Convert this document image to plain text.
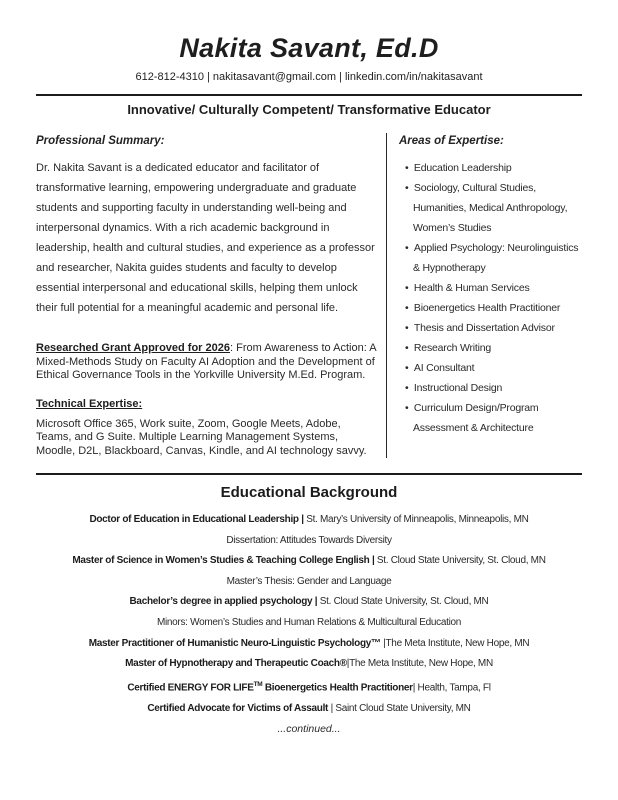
Nakita Savant, Ed.D
612-812-4310 | nakitasavant@gmail.com | linkedin.com/in/nakitasavant
Innovative/ Culturally Competent/ Transformative Educator
Professional Summary:

Dr. Nakita Savant is a dedicated educator and facilitator of transformative learning, empowering undergraduate and graduate students and supporting faculty in understanding well-being and interpersonal dynamics. With a rich academic background in leadership, health and cultural studies, and experience as a professor and researcher, Nakita guides students and faculty to develop essential interpersonal and educational skills, helping them unlock their full potential for a meaningful academic and personal life.

Researched Grant Approved for 2026: From Awareness to Action: A Mixed-Methods Study on Faculty AI Adoption and the Development of Ethical Governance Tools in the Yorkville University M.Ed. Program.

Technical Expertise:

Microsoft Office 365, Work suite, Zoom, Google Meets, Adobe, Teams, and G Suite. Multiple Learning Management Systems, Moodle, D2L, Blackboard, Canvas, Kindle, and AI technology savvy.

Areas of Expertise:
•  Education Leadership
•  Sociology, Cultural Studies, Humanities, Medical Anthropology, Women’s Studies
•  Applied Psychology: Neurolinguistics & Hypnotherapy
•  Health & Human Services
•  Bioenergetics Health Practitioner
•  Thesis and Dissertation Advisor
•  Research Writing
•  AI Consultant
•  Instructional Design
•  Curriculum Design/Program Assessment & Architecture
Educational Background
Doctor of Education in Educational Leadership | St. Mary’s University of Minneapolis, Minneapolis, MN
Dissertation: Attitudes Towards Diversity
Master of Science in Women’s Studies & Teaching College English | St. Cloud State University, St. Cloud, MN
Master’s Thesis: Gender and Language
Bachelor’s degree in applied psychology | St. Cloud State University, St. Cloud, MN
Minors: Women’s Studies and Human Relations & Multicultural Education
Master Practitioner of Humanistic Neuro-Linguistic Psychology™ |The Meta Institute, New Hope, MN
Master of Hypnotherapy and Therapeutic Coach®|The Meta Institute, New Hope, MN
Certified ENERGY FOR LIFE™ Bioenergetics Health Practitioner| Health, Tampa, Fl
Certified Advocate for Victims of Assault | Saint Cloud State University, MN
...continued...
